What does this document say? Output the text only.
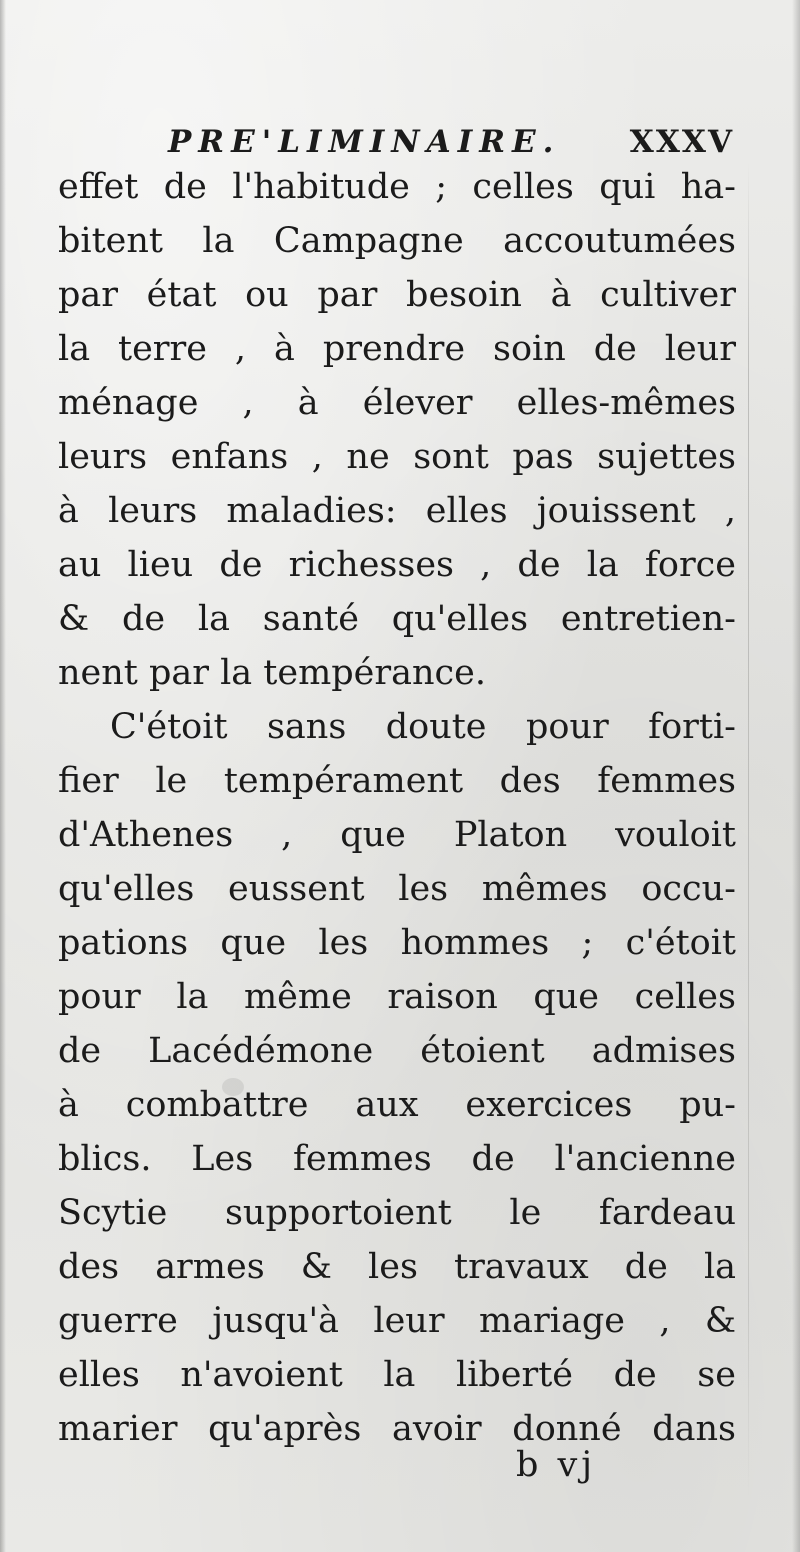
PRE'LIMINAIRE. XXXV
effet de l'habitude ; celles qui ha-
bitent la Campagne accoutumées
par état ou par besoin à cultiver
la terre , à prendre soin de leur
ménage , à élever elles-mêmes
leurs enfans , ne sont pas sujettes
à leurs maladies: elles jouissent ,
au lieu de richesses , de la force
& de la santé qu'elles entretien-
nent par la tempérance.
C'étoit sans doute pour forti-
fier le tempérament des femmes
d'Athenes , que Platon vouloit
qu'elles eussent les mêmes occu-
pations que les hommes ; c'étoit
pour la même raison que celles
de Lacédémone étoient admises
à combattre aux exercices pu-
blics. Les femmes de l'ancienne
Scytie supportoient le fardeau
des armes & les travaux de la
guerre jusqu'à leur mariage , &
elles n'avoient la liberté de se
marier qu'après avoir donné dans
b vj
